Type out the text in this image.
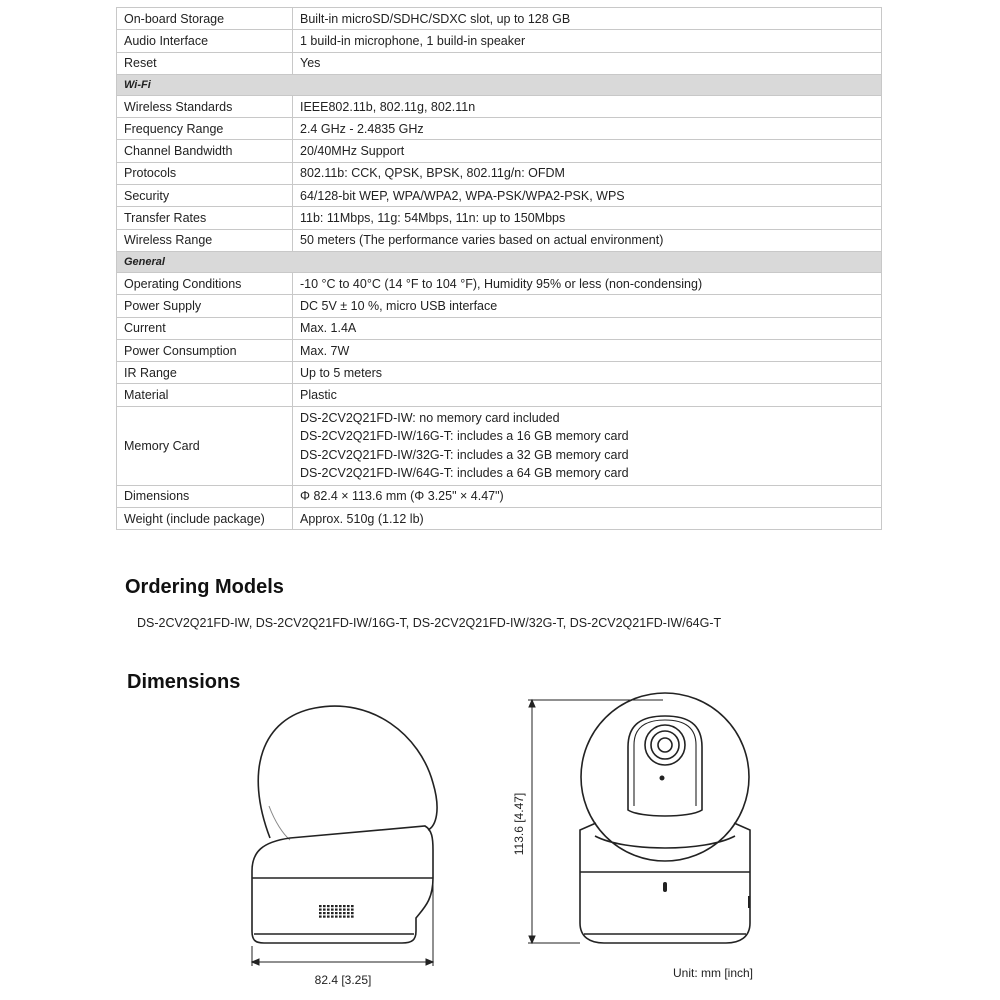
On-board Storage	Built-in microSD/SDHC/SDXC slot, up to 128 GB
Audio Interface	1 build-in microphone, 1 build-in speaker
Reset	Yes
Wi-Fi	
Wireless Standards	IEEE802.11b, 802.11g, 802.11n
Frequency Range	2.4 GHz - 2.4835 GHz
Channel Bandwidth	20/40MHz Support
Protocols	802.11b: CCK, QPSK, BPSK, 802.11g/n: OFDM
Security	64/128-bit WEP, WPA/WPA2, WPA-PSK/WPA2-PSK, WPS
Transfer Rates	11b: 11Mbps, 11g: 54Mbps, 11n: up to 150Mbps
Wireless Range	50 meters (The performance varies based on actual environment)
General	
Operating Conditions	-10 °C to 40°C (14 °F to 104 °F), Humidity 95% or less (non-condensing)
Power Supply	DC 5V ± 10 %, micro USB interface
Current	Max. 1.4A
Power Consumption	Max. 7W
IR Range	Up to 5 meters
Material	Plastic
Memory Card	DS-2CV2Q21FD-IW: no memory card included
DS-2CV2Q21FD-IW/16G-T: includes a 16 GB memory card
DS-2CV2Q21FD-IW/32G-T: includes a 32 GB memory card
DS-2CV2Q21FD-IW/64G-T: includes a 64 GB memory card

Dimensions	Φ 82.4 × 113.6 mm (Φ 3.25" × 4.47")
Weight (include package)	Approx. 510g (1.12 lb)
Ordering Models
DS-2CV2Q21FD-IW, DS-2CV2Q21FD-IW/16G-T, DS-2CV2Q21FD-IW/32G-T, DS-2CV2Q21FD-IW/64G-T
Dimensions
82.4 [3.25]
113.6 [4.47]
Unit: mm [inch]
